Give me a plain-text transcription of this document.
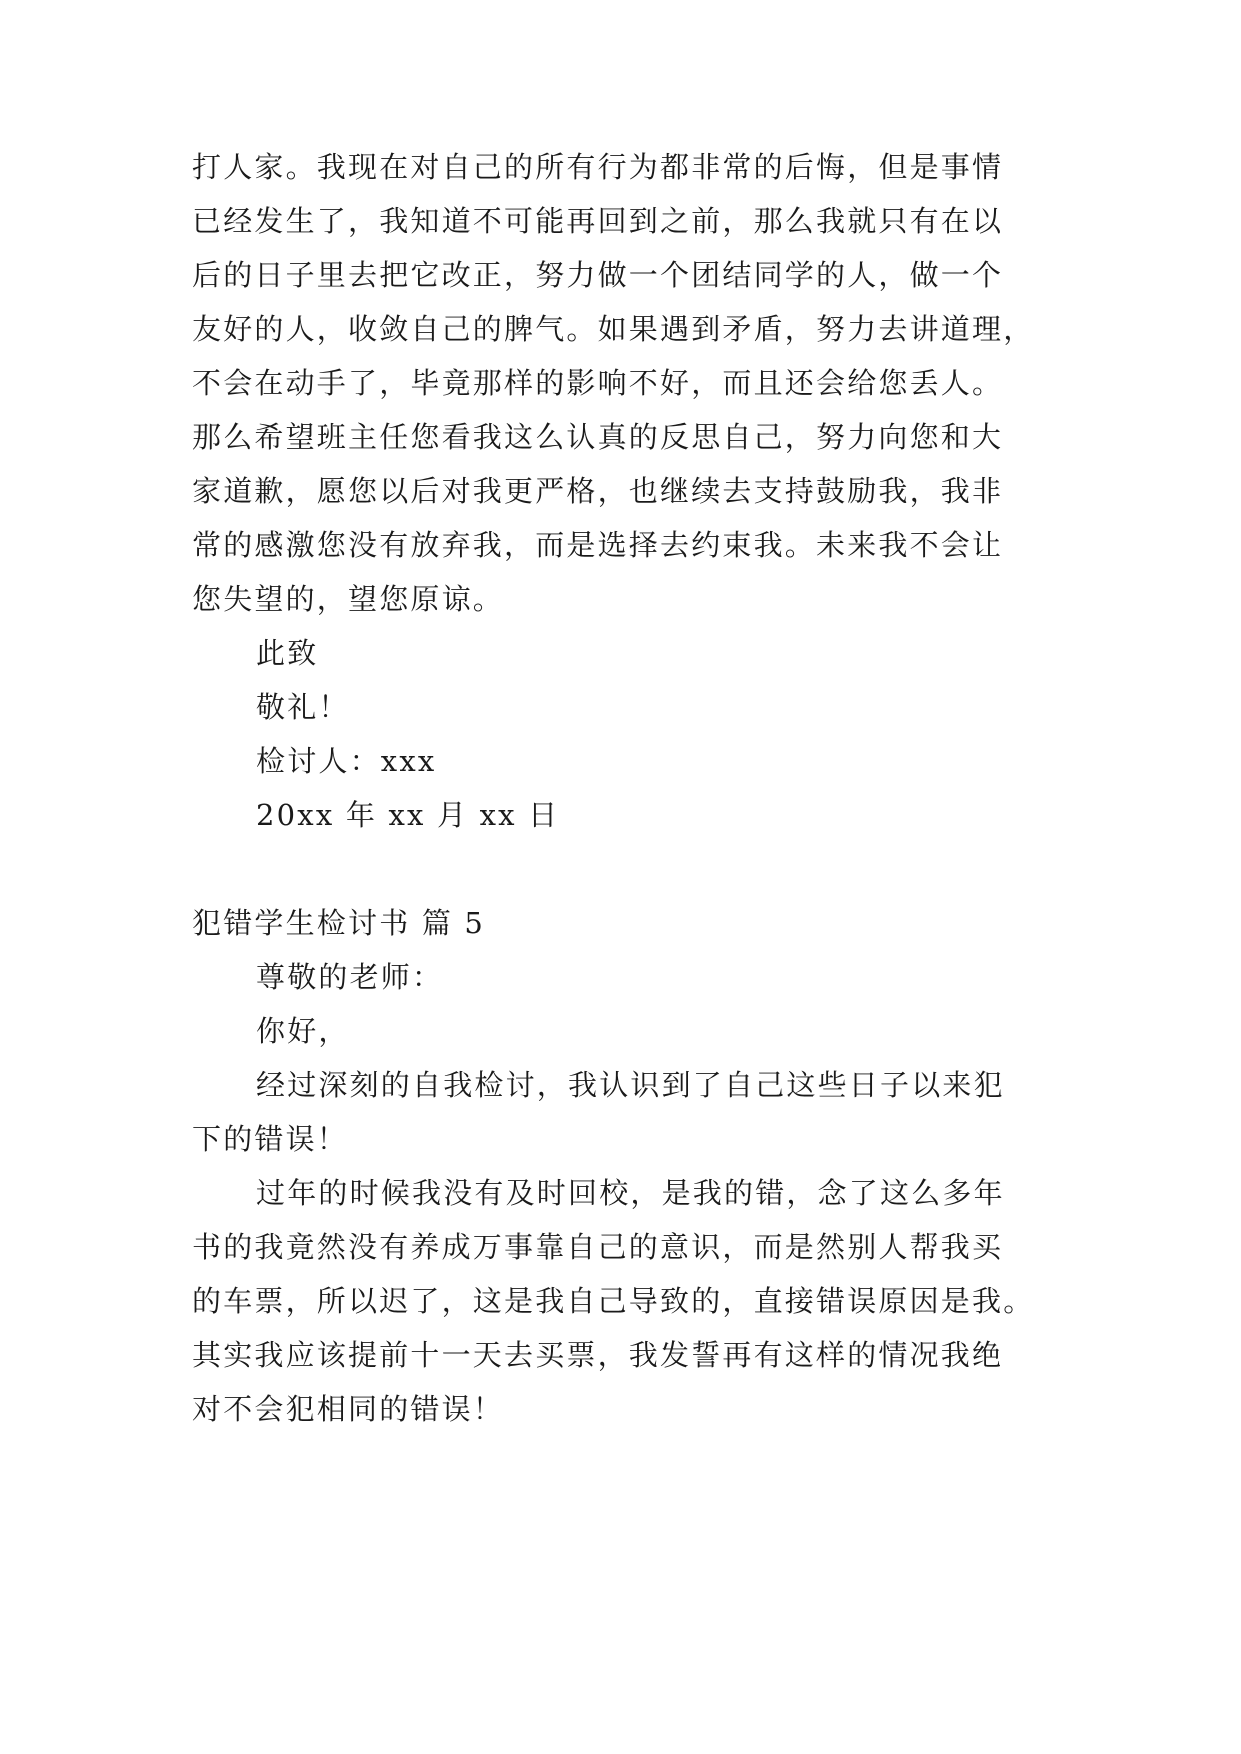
打人家。我现在对自己的所有行为都非常的后悔，但是事情
已经发生了，我知道不可能再回到之前，那么我就只有在以
后的日子里去把它改正，努力做一个团结同学的人，做一个
友好的人，收敛自己的脾气。如果遇到矛盾，努力去讲道理，
不会在动手了，毕竟那样的影响不好，而且还会给您丢人。
那么希望班主任您看我这么认真的反思自己，努力向您和大
家道歉，愿您以后对我更严格，也继续去支持鼓励我，我非
常的感激您没有放弃我，而是选择去约束我。未来我不会让
您失望的，望您原谅。
此致
敬礼！
检讨人：xxx
20xx 年 xx 月 xx 日
犯错学生检讨书 篇 5
尊敬的老师：
你好，
经过深刻的自我检讨，我认识到了自己这些日子以来犯
下的错误！
过年的时候我没有及时回校，是我的错，念了这么多年
书的我竟然没有养成万事靠自己的意识，而是然别人帮我买
的车票，所以迟了，这是我自己导致的，直接错误原因是我。
其实我应该提前十一天去买票，我发誓再有这样的情况我绝
对不会犯相同的错误！
